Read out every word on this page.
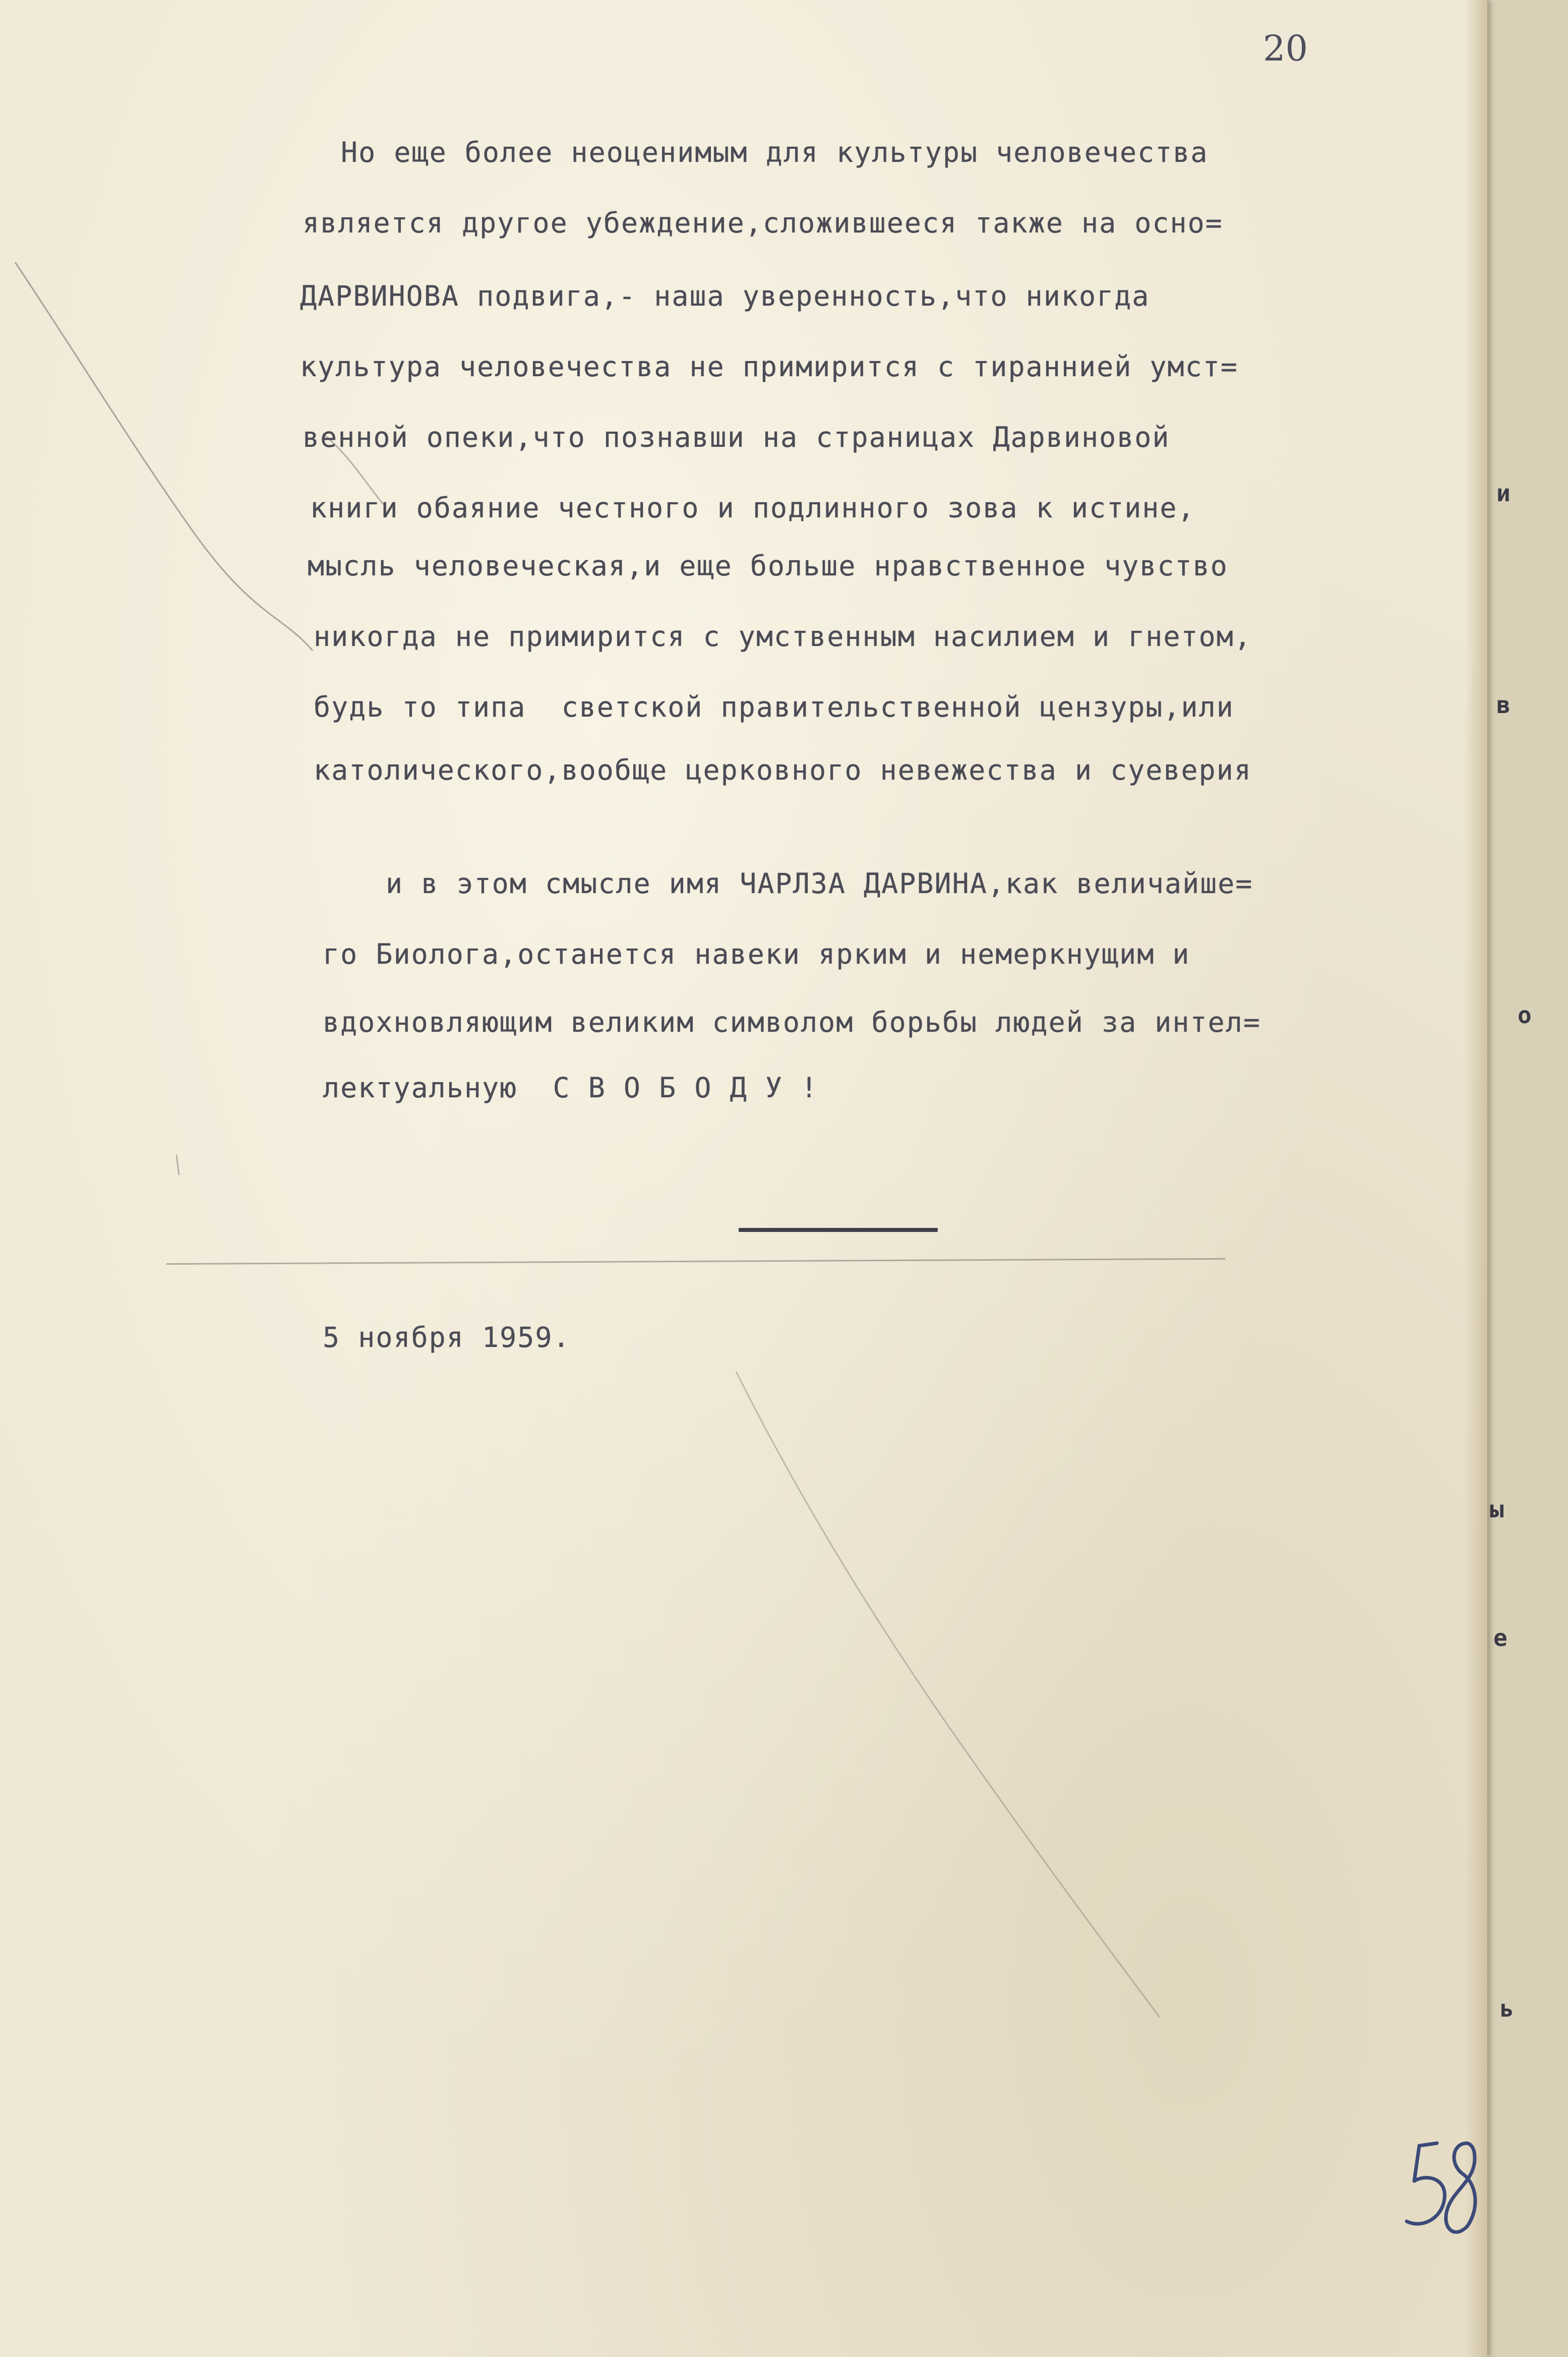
и
в
о
ы
е
ь
20
Но еще более неоценимым для культуры человечества
является другое убеждение,сложившееся также на осно=
ДАРВИНОВА подвига,- наша уверенность,что никогда
культура человечества не примирится с тираннией умст=
венной опеки,что познавши на страницах Дарвиновой
книги обаяние честного и подлинного зова к истине,
мысль человеческая,и еще больше нравственное чувство
никогда не примирится с умственным насилием и гнетом,
будь то типа  светской правительственной цензуры,или
католического,вообще церковного невежества и суеверия
и в этом смысле имя ЧАРЛЗА ДАРВИНА,как величайше=
го Биолога,останется навеки ярким и немеркнущим и
вдохновляющим великим символом борьбы людей за интел=
лектуальную  С В О Б О Д У !
5 ноября 1959.
